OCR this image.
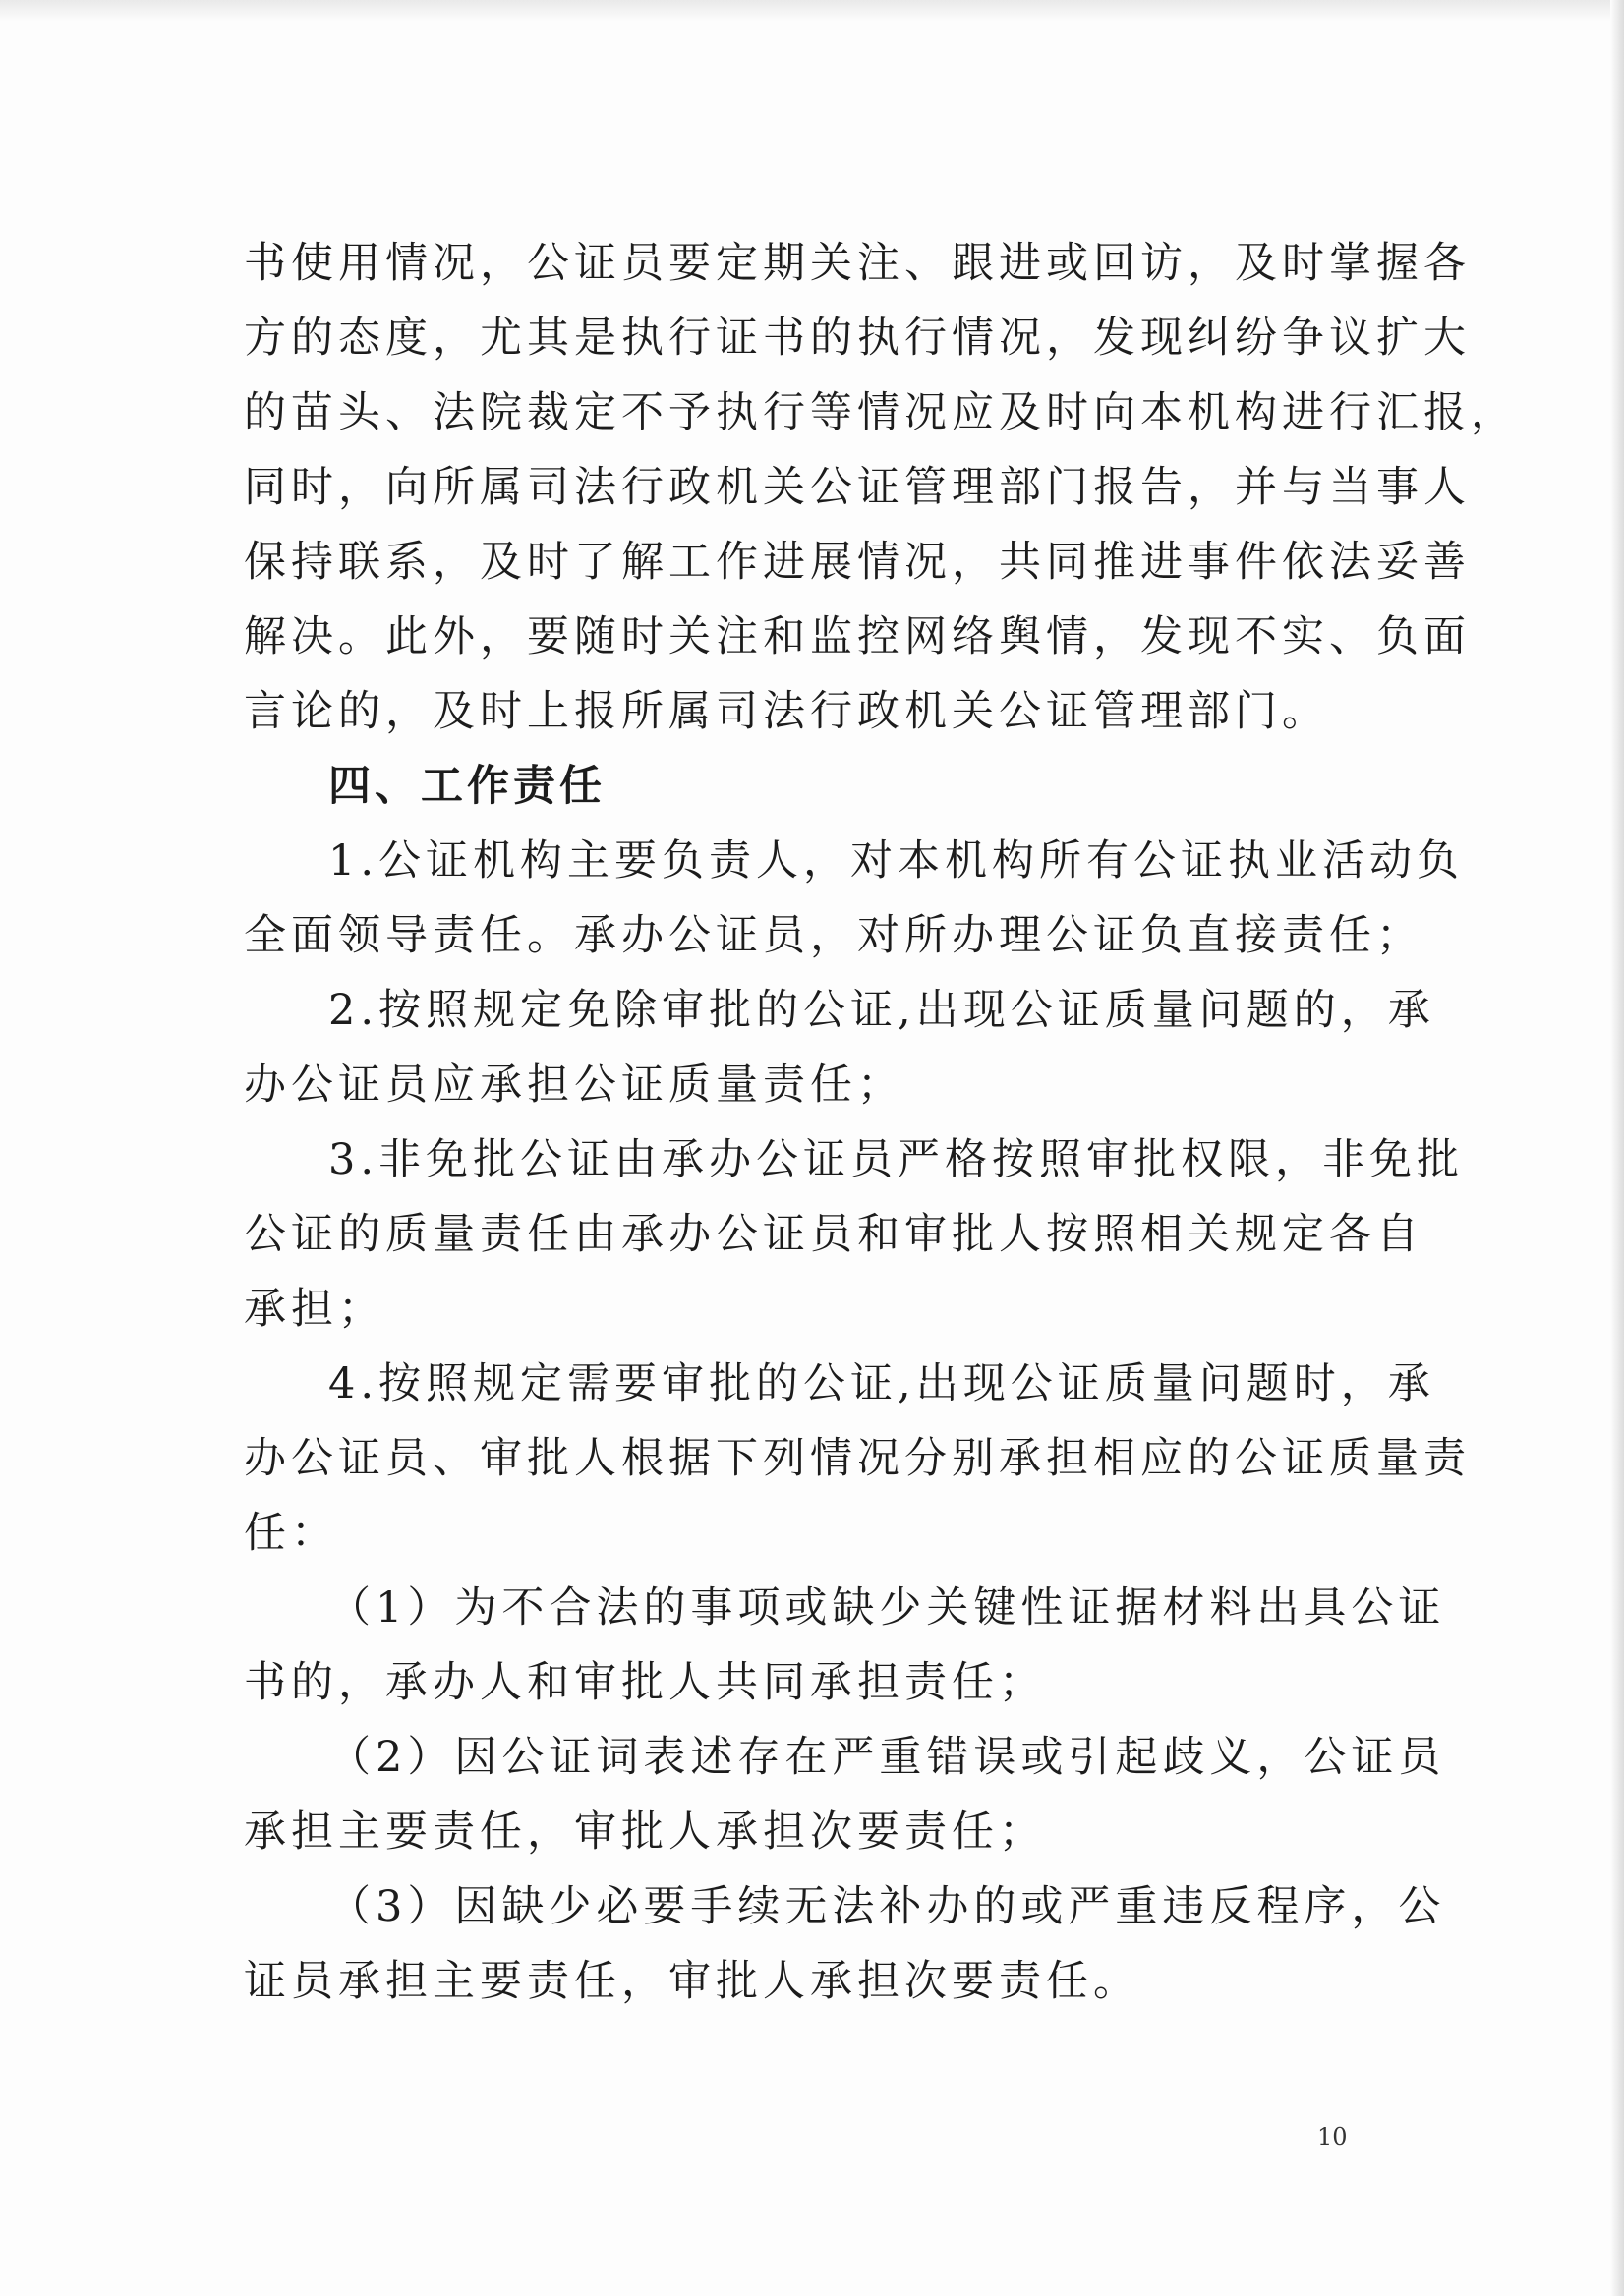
书使用情况，公证员要定期关注、跟进或回访，及时掌握各
方的态度，尤其是执行证书的执行情况，发现纠纷争议扩大
的苗头、法院裁定不予执行等情况应及时向本机构进行汇报，
同时，向所属司法行政机关公证管理部门报告，并与当事人
保持联系，及时了解工作进展情况，共同推进事件依法妥善
解决。此外，要随时关注和监控网络舆情，发现不实、负面
言论的，及时上报所属司法行政机关公证管理部门。
四、工作责任
1.公证机构主要负责人，对本机构所有公证执业活动负
全面领导责任。承办公证员，对所办理公证负直接责任；
2.按照规定免除审批的公证,出现公证质量问题的，承
办公证员应承担公证质量责任；
3.非免批公证由承办公证员严格按照审批权限，非免批
公证的质量责任由承办公证员和审批人按照相关规定各自
承担；
4.按照规定需要审批的公证,出现公证质量问题时，承
办公证员、审批人根据下列情况分别承担相应的公证质量责
任：
（1）为不合法的事项或缺少关键性证据材料出具公证
书的，承办人和审批人共同承担责任；
（2）因公证词表述存在严重错误或引起歧义，公证员
承担主要责任，审批人承担次要责任；
（3）因缺少必要手续无法补办的或严重违反程序，公
证员承担主要责任，审批人承担次要责任。
10
